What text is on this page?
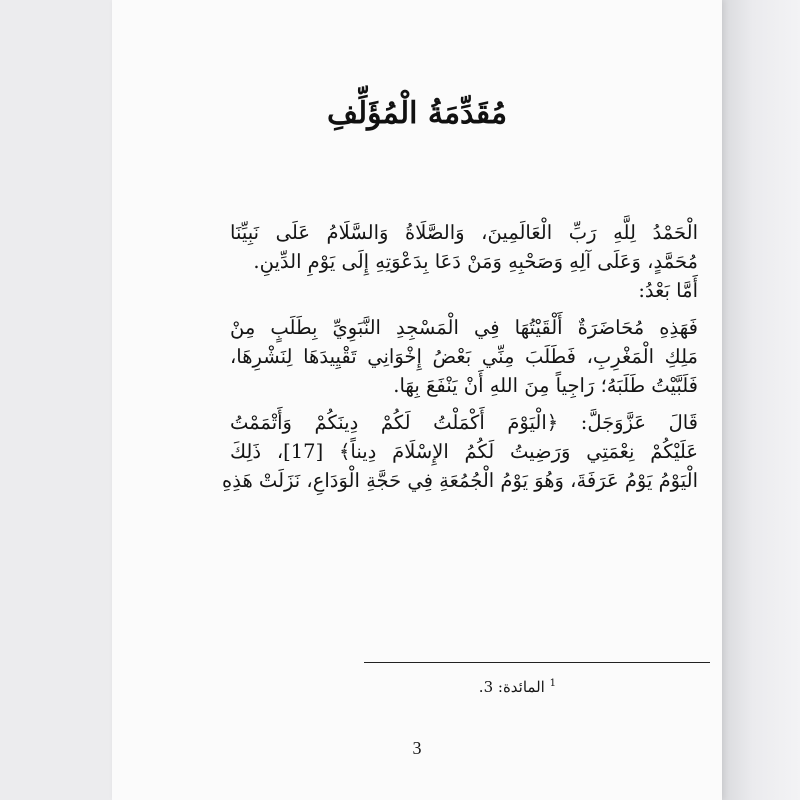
مُقَدِّمَةُ الْمُؤَلِّفِ
الْحَمْدُ لِلَّهِ رَبِّ الْعَالَمِينَ، وَالصَّلَاةُ وَالسَّلَامُ عَلَى نَبِيِّنَا
مُحَمَّدٍ، وَعَلَى آلِهِ وَصَحْبِهِ وَمَنْ دَعَا بِدَعْوَتِهِ إِلَى يَوْمِ الدِّينِ.
أَمَّا بَعْدُ:
فَهَذِهِ مُحَاضَرَةٌ أَلْقَيْتُهَا فِي الْمَسْجِدِ النَّبَوِيِّ بِطَلَبٍ مِنْ
مَلِكِ الْمَغْرِبِ، فَطَلَبَ مِنِّي بَعْضُ إِخْوَانِي تَقْيِيدَهَا لِنَشْرِهَا،
فَلَبَّيْتُ طَلَبَهُ؛ رَاجِياً مِنَ اللهِ أَنْ يَنْفَعَ بِهَا.
قَالَ عَزَّوَجَلَّ: ﴿الْيَوْمَ أَكْمَلْتُ لَكُمْ دِينَكُمْ وَأَتْمَمْتُ
عَلَيْكُمْ نِعْمَتِي وَرَضِيتُ لَكُمُ الإِسْلَامَ دِيناً﴾ [17]، ذَلِكَ
الْيَوْمُ يَوْمُ عَرَفَةَ، وَهُوَ يَوْمُ الْجُمُعَةِ فِي حَجَّةِ الْوَدَاعِ، نَزَلَتْ هَذِهِ
$^1$ المائدة: 3.
3
